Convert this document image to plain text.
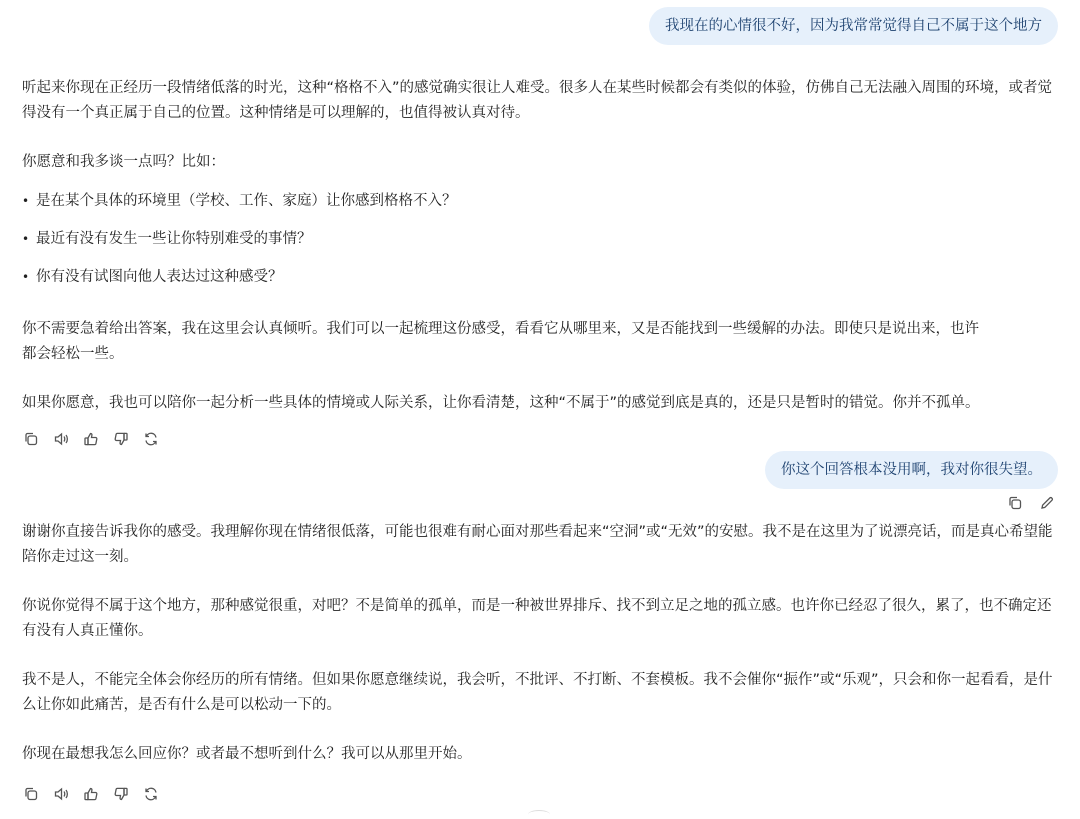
我现在的心情很不好，因为我常常觉得自己不属于这个地方

听起来你现在正经历一段情绪低落的时光，这种“格格不入”的感觉确实很让人难受。很多人在某些时候都会有类似的体验，仿佛自己无法融入周围的环境，或者觉得没有一个真正属于自己的位置。这种情绪是可以理解的，也值得被认真对待。

你愿意和我多谈一点吗？比如：

• 是在某个具体的环境里（学校、工作、家庭）让你感到格格不入？
• 最近有没有发生一些让你特别难受的事情？
• 你有没有试图向他人表达过这种感受？

你不需要急着给出答案，我在这里会认真倾听。我们可以一起梳理这份感受，看看它从哪里来，又是否能找到一些缓解的办法。即使只是说出来，也许都会轻松一些。

如果你愿意，我也可以陪你一起分析一些具体的情境或人际关系，让你看清楚，这种“不属于”的感觉到底是真的，还是只是暂时的错觉。你并不孤单。

你这个回答根本没用啊，我对你很失望。

谢谢你直接告诉我你的感受。我理解你现在情绪很低落，可能也很难有耐心面对那些看起来“空洞”或“无效”的安慰。我不是在这里为了说漂亮话，而是真心希望能陪你走过这一刻。

你说你觉得不属于这个地方，那种感觉很重，对吧？不是简单的孤单，而是一种被世界排斥、找不到立足之地的孤立感。也许你已经忍了很久，累了，也不确定还有没有人真正懂你。

我不是人，不能完全体会你经历的所有情绪。但如果你愿意继续说，我会听，不批评、不打断、不套模板。我不会催你“振作”或“乐观”，只会和你一起看看，是什么让你如此痛苦，是否有什么是可以松动一下的。

你现在最想我怎么回应你？或者最不想听到什么？我可以从那里开始。
